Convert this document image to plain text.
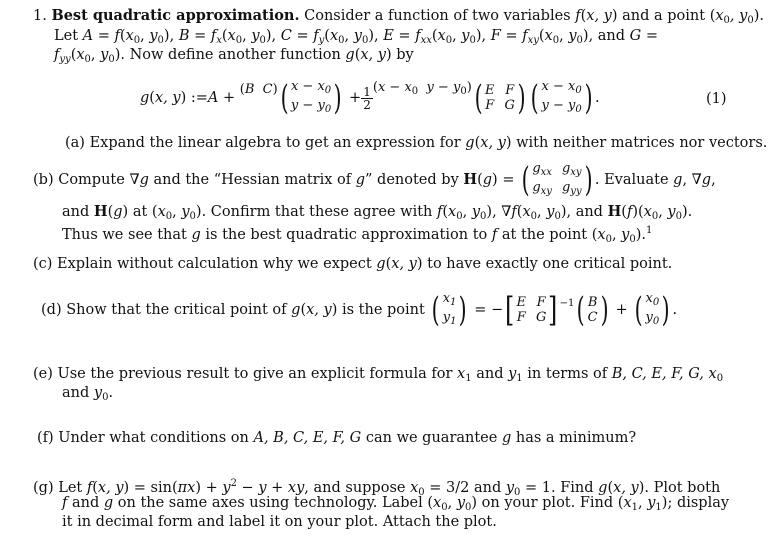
1. Best quadratic approximation. Consider a function of two variables f(x, y) and a point ($x_0$, $y_0$).
Let $A = f(x_0$, $y_0$), $B = f_x(x_0$, $y_0$), $C = f_y(x_0$, $y_0$), $E = f_{xx}(x_0$, $y_0$), $F = f_{xy}(x_0$, $y_0$), and G =
$f_{yy}(x_0$, $y_0$). Now define another function g(x, y) by
g ( x, y ) := A +
( B  C ) ( $x - x_0$
$y - y_0$ ) + $\frac{1}{2} (x - x_0$ $y - y_0$) ( E F
F G ) ( $x - x_0$
$y - y_0$ ) .	(1)
(a) Expand the linear algebra to get an expression for g(x, y) with neither matrices nor vectors.
(b) Compute ∇g and the “Hessian matrix of g ” denoted by H ( g ) = ( $g_{xx}$ $g_{xy}$
$g_{xy}$ $g_{yy}$ ) . Evaluate g , ∇ g ,
and H(g) at ($x_0$, $y_0$). Confirm that these agree with $f(x_0$, $y_0$), $\nabla f(x_0$, $y_0$), and $H(f)(x_0$, $y_0$).
Thus we see that g is the best quadratic approximation to f at the point ($x_0$, $y_0).^1$
(c) Explain without calculation why we expect g(x, y) to have exactly one critical point.
(d) Show that the critical point of g ( x, y ) is the point ( $x_1$
$y_1$ ) = − [ E F
F G ]$^{-1}$ ( B
C ) + ( $x_0$
$y_0$ ) .
(e) Use the previous result to give an explicit formula for $x_1$ and $y_1$ in terms of B, C, E, F, G, $x_0$
and $y_0$.
(f) Under what conditions on A, B, C, E, F, G can we guarantee g has a minimum?
(g) Let f(x, $y) = \sin(\pi x) + y^2 - y$ + xy, and suppose $x_0 = 3/2$ and $y_0 = 1$. Find g(x, y). Plot both
f and g on the same axes using technology. Label ($x_0$, $y_0$) on your plot. Find ($x_1$, $y_1$); display
it in decimal form and label it on your plot. Attach the plot.
